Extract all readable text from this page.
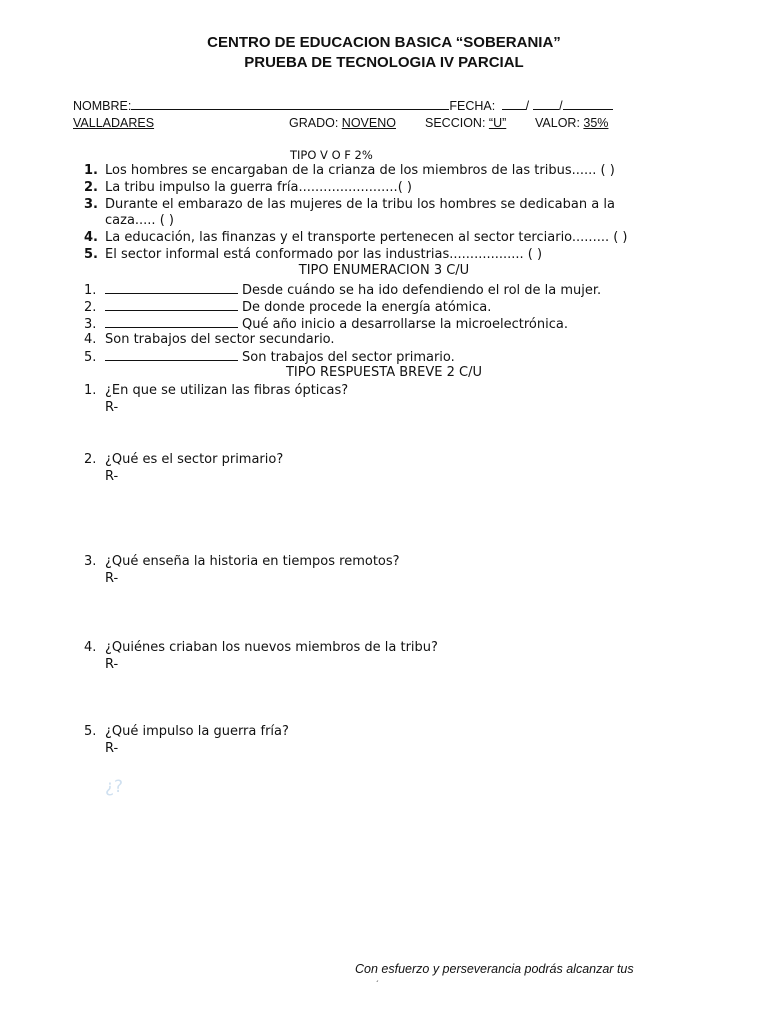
CENTRO DE EDUCACION BASICA “SOBERANIA”
PRUEBA DE TECNOLOGIA IV PARCIAL
NOMBRE:	FECHA: / /
VALLADARES	GRADO: NOVENO SECCION: “U” VALOR: 35%
TIPO V O F 2%
1. Los hombres se encargaban de la crianza de los miembros de las tribus...... ( )
2. La tribu impulso la guerra fría........................( )
3. Durante el embarazo de las mujeres de la tribu los hombres se dedicaban a la
caza..... ( )
4. La educación, las finanzas y el transporte pertenecen al sector terciario......... ( )
5. El sector informal está conformado por las industrias.................. ( )
TIPO ENUMERACION 3 C/U
1.	Desde cuándo se ha ido defendiendo el rol de la mujer.
2.	De donde procede la energía atómica.
3.	Qué año inicio a desarrollarse la microelectrónica.
4. Son trabajos del sector secundario.
5.	Son trabajos del sector primario.
TIPO RESPUESTA BREVE 2 C/U
1. ¿En que se utilizan las fibras ópticas?
R-
2. ¿Qué es el sector primario?
R-
3. ¿Qué enseña la historia en tiempos remotos?
R-
4. ¿Quiénes criaban los nuevos miembros de la tribu?
R-
5. ¿Qué impulso la guerra fría?
R-
¿?
Con esfuerzo y perseverancia podrás alcanzar tus
´
